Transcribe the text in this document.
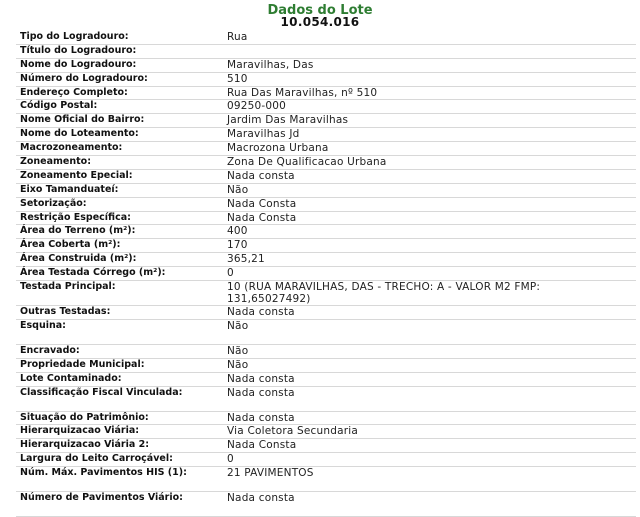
Dados do Lote
10.054.016
Tipo do Logradouro:	Rua
Título do Logradouro:
Nome do Logradouro:	Maravilhas, Das
Número do Logradouro:	510
Endereço Completo:	Rua Das Maravilhas, nº 510
Código Postal:	09250-000
Nome Oficial do Bairro:	Jardim Das Maravilhas
Nome do Loteamento:	Maravilhas Jd
Macrozoneamento:	Macrozona Urbana
Zoneamento:	Zona De Qualificacao Urbana
Zoneamento Epecial:	Nada consta
Eixo Tamanduateí:	Não
Setorização:	Nada Consta
Restrição Específica:	Nada Consta
Área do Terreno (m²):	400
Área Coberta (m²):	170
Área Construida (m²):	365,21
Área Testada Córrego (m²):	0
Testada Principal:	10 (RUA MARAVILHAS, DAS - TRECHO: A - VALOR M2 FMP: 131,65027492)
Outras Testadas:	Nada consta
Esquina:	Não
Encravado:	Não
Propriedade Municipal:	Não
Lote Contaminado:	Nada consta
Classificação Fiscal Vinculada:	Nada consta
Situação do Patrimônio:	Nada consta
Hierarquizacao Viária:	Via Coletora Secundaria
Hierarquizacao Viária 2:	Nada Consta
Largura do Leito Carroçável:	0
Núm. Máx. Pavimentos HIS (1):	21 PAVIMENTOS
Número de Pavimentos Viário:	Nada consta
